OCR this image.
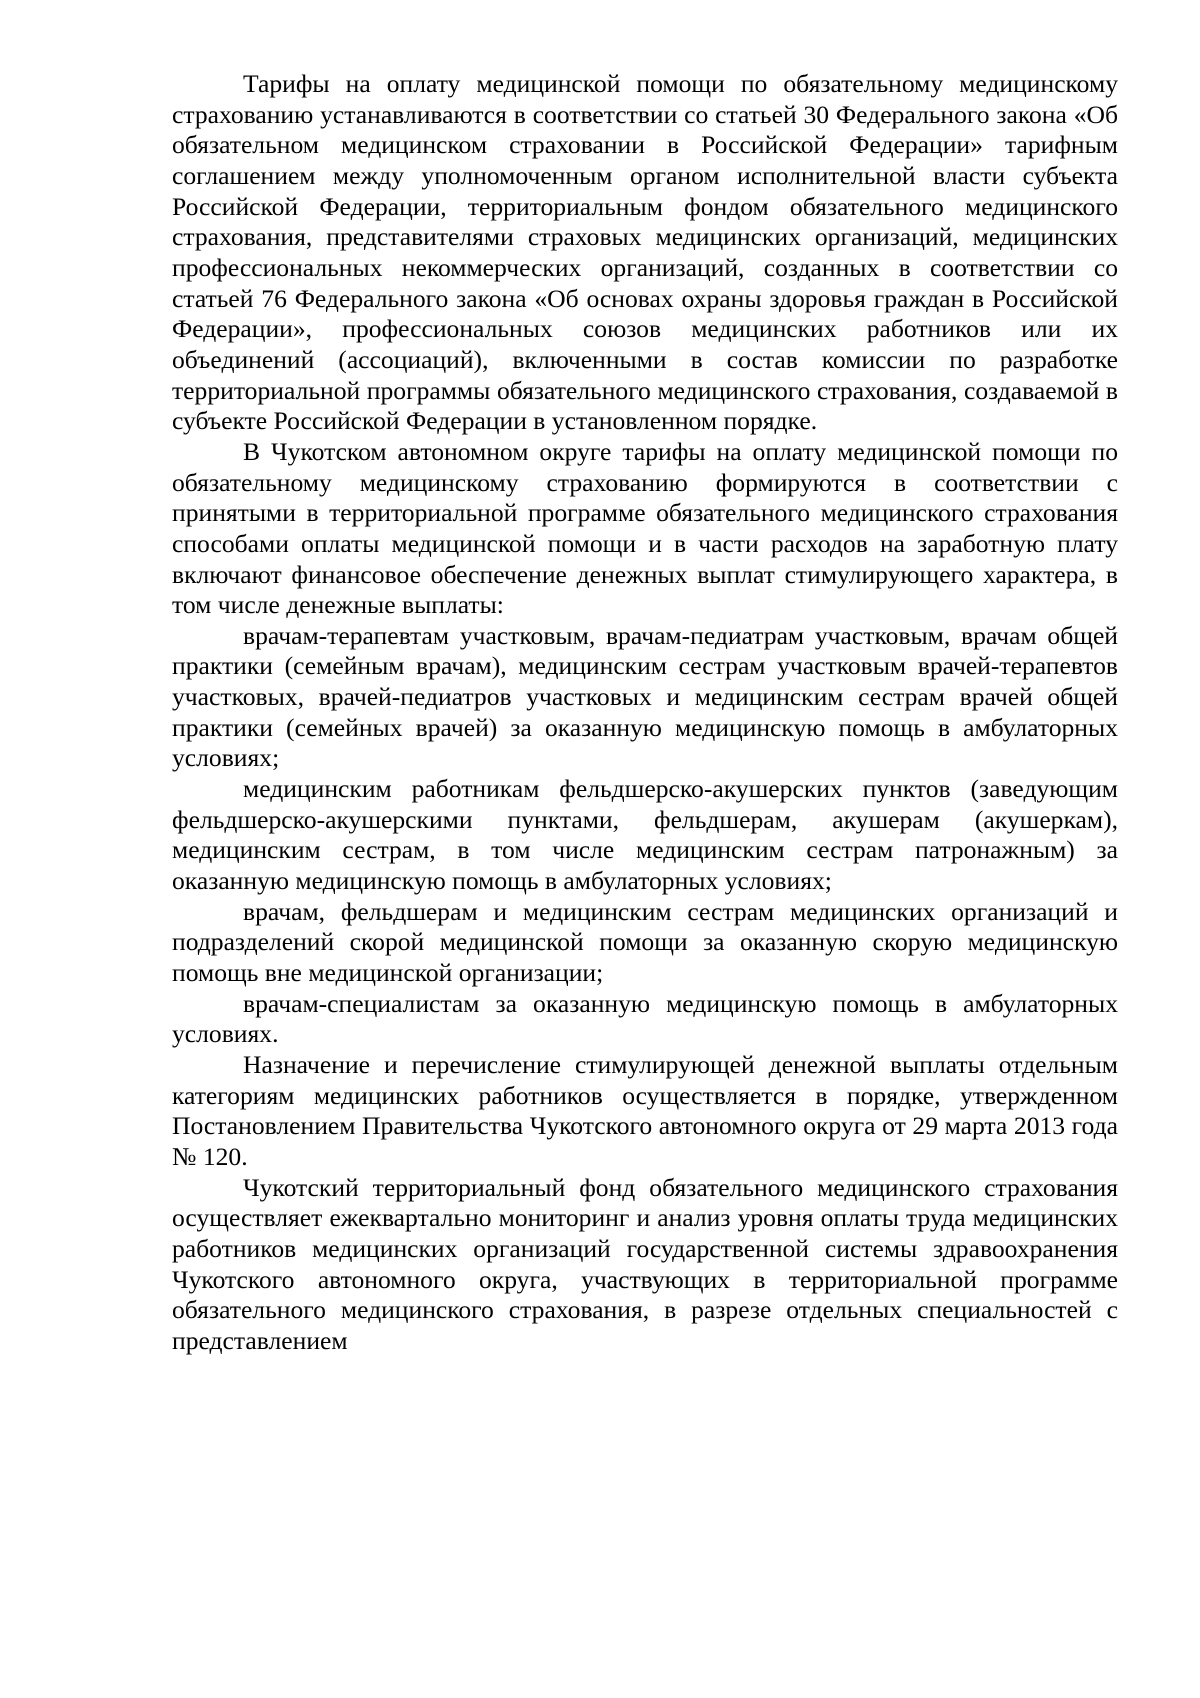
Тарифы на оплату медицинской помощи по обязательному медицинскому страхованию устанавливаются в соответствии со статьей 30 Федерального закона «Об обязательном медицинском страховании в Российской Федерации» тарифным соглашением между уполномоченным органом исполнительной власти субъекта Российской Федерации, территориальным фондом обязательного медицинского страхования, представителями страховых медицинских организаций, медицинских профессиональных некоммерческих организаций, созданных в соответствии со статьей 76 Федерального закона «Об основах охраны здоровья граждан в Российской Федерации», профессиональных союзов медицинских работников или их объединений (ассоциаций), включенными в состав комиссии по разработке территориальной программы обязательного медицинского страхования, создаваемой в субъекте Российской Федерации в установленном порядке.

В Чукотском автономном округе тарифы на оплату медицинской помощи по обязательному медицинскому страхованию формируются в соответствии с принятыми в территориальной программе обязательного медицинского страхования способами оплаты медицинской помощи и в части расходов на заработную плату включают финансовое обеспечение денежных выплат стимулирующего характера, в том числе денежные выплаты:

врачам-терапевтам участковым, врачам-педиатрам участковым, врачам общей практики (семейным врачам), медицинским сестрам участковым врачей-терапевтов участковых, врачей-педиатров участковых и медицинским сестрам врачей общей практики (семейных врачей) за оказанную медицинскую помощь в амбулаторных условиях;

медицинским работникам фельдшерско-акушерских пунктов (заведующим фельдшерско-акушерскими пунктами, фельдшерам, акушерам (акушеркам), медицинским сестрам, в том числе медицинским сестрам патронажным) за оказанную медицинскую помощь в амбулаторных условиях;

врачам, фельдшерам и медицинским сестрам медицинских организаций и подразделений скорой медицинской помощи за оказанную скорую медицинскую помощь вне медицинской организации;

врачам-специалистам за оказанную медицинскую помощь в амбулаторных условиях.

Назначение и перечисление стимулирующей денежной выплаты отдельным категориям медицинских работников осуществляется в порядке, утвержденном Постановлением Правительства Чукотского автономного округа от 29 марта 2013 года № 120.

Чукотский территориальный фонд обязательного медицинского страхования осуществляет ежеквартально мониторинг и анализ уровня оплаты труда медицинских работников медицинских организаций государственной системы здравоохранения Чукотского автономного округа, участвующих в территориальной программе обязательного медицинского страхования, в разрезе отдельных специальностей с представлением
